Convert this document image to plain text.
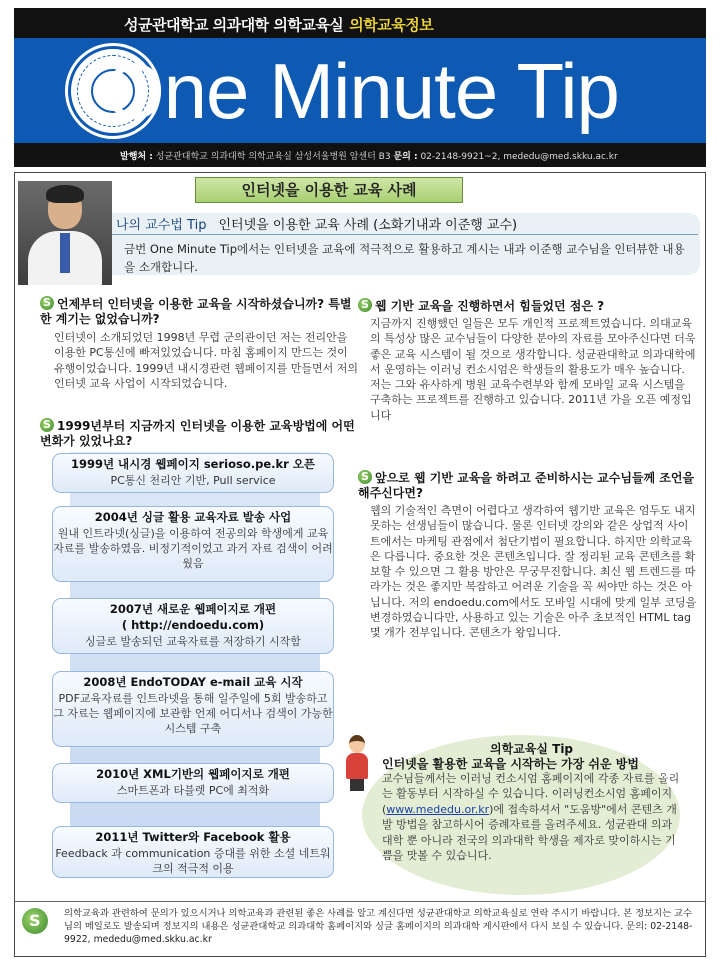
성균관대학교 의과대학 의학교육실 의학교육정보
One Minute Tip
발행처 : 성균관대학교 의과대학 의학교육실 삼성서울병원 암센터 B3 문의 : 02-2148-9921~2, mededu@med.skku.ac.kr
인터넷을 이용한 교육 사례
나의 교수법 Tip 인터넷을 이용한 교육 사례 (소화기내과 이준행 교수)
금번 One Minute Tip에서는 인터넷을 교육에 적극적으로 활용하고 계시는 내과 이준행 교수님을 인터뷰한 내용을 소개합니다.
S언제부터 인터넷을 이용한 교육을 시작하셨습니까? 특별한 계기는 없었습니까?
인터넷이 소개되었던 1998년 무렵 군의관이던 저는 전리안을 이용한 PC통신에 빠져있었습니다. 마침 홈페이지 만드는 것이 유행이었습니다. 1999년 내시경관련 웹페이지를 만들면서 저의 인터넷 교육 사업이 시작되었습니다.
S1999년부터 지금까지 인터넷을 이용한 교육방법에 어떤 변화가 있었나요?
1999년 내시경 웹페이지 serioso.pe.kr 오픈
PC통신 천리안 기반, Pull service
2004년 싱글 활용 교육자료 발송 사업
원내 인트라넷(싱글)을 이용하여 전공의와 학생에게 교육자료를 발송하였음. 비정기적이었고 과거 자료 검색이 어려웠음
2007년 새로운 웹페이지로 개편
( http://endoedu.com)
싱글로 발송되던 교육자료를 저장하기 시작함
2008년 EndoTODAY e-mail 교육 시작
PDF교육자료를 인트라넷을 통해 일주일에 5회 발송하고 그 자료는 웹페이지에 보관함 언제 어디서나 검색이 가능한 시스템 구축
2010년 XML기반의 웹페이지로 개편
스마트폰과 타블렛 PC에 최적화
2011년 Twitter와 Facebook 활용
Feedback 과 communication 증대를 위한 소셜 네트워크의 적극적 이용
S웹 기반 교육을 진행하면서 힘들었던 점은 ?
지금까지 진행했던 일들은 모두 개인적 프로젝트였습니다. 의대교육의 특성상 많은 교수님들이 다양한 분야의 자료를 모아주신다면 더욱 좋은 교육 시스템이 될 것으로 생각합니다. 성균관대학교 의과대학에서 운영하는 이러닝 컨소시엄은 학생들의 활용도가 매우 높습니다. 저는 그와 유사하게 병원 교육수련부와 함께 모바일 교육 시스템을 구축하는 프로젝트를 진행하고 있습니다. 2011년 가을 오픈 예정입니다
S앞으로 웹 기반 교육을 하려고 준비하시는 교수님들께 조언을 해주신다면?
웹의 기술적인 측면이 어렵다고 생각하여 웹기반 교육은 엄두도 내지 못하는 선생님들이 많습니다. 물론 인터넷 강의와 같은 상업적 사이트에서는 마케팅 관점에서 첨단기법이 필요합니다. 하지만 의학교육은 다릅니다. 중요한 것은 콘텐츠입니다. 잘 정리된 교육 콘텐츠를 확보할 수 있으면 그 활용 방안은 무궁무진합니다. 최신 웹 트렌드를 따라가는 것은 좋지만 복잡하고 어려운 기술을 꼭 써야만 하는 것은 아닙니다. 저의 endoedu.com에서도 모바일 시대에 맞게 일부 코딩을 변경하였습니다만, 사용하고 있는 기술은 아주 초보적인 HTML tag 몇 개가 전부입니다. 콘텐츠가 왕입니다.
의학교육실 Tip
인터넷을 활용한 교육을 시작하는 가장 쉬운 방법
교수님들께서는 이러닝 컨소시엄 홈페이지에 각종 자료를 올리는 활동부터 시작하실 수 있습니다. 이러닝컨소시엄 홈페이지(www.mededu.or.kr)에 접속하셔서 "도움방"에서 콘텐츠 개발 방법을 참고하시어 증례자료를 올려주세요. 성균관대 의과대학 뿐 아니라 전국의 의과대학 학생을 제자로 맞이하시는 기쁨을 맛볼 수 있습니다.
S
의학교육과 관련하여 문의가 있으시거나 의학교육과 관련된 좋은 사례를 알고 계신다면 성균관대학교 의학교육실로 연락 주시기 바랍니다. 본 정보지는 교수님의 메일로도 발송되며 정보지의 내용은 성균관대학교 의과대학 홈페이지와 싱글 홈페이지의 의과대학 게시판에서 다시 보실 수 있습니다. 문의: 02-2148-9922, mededu@med.skku.ac.kr
